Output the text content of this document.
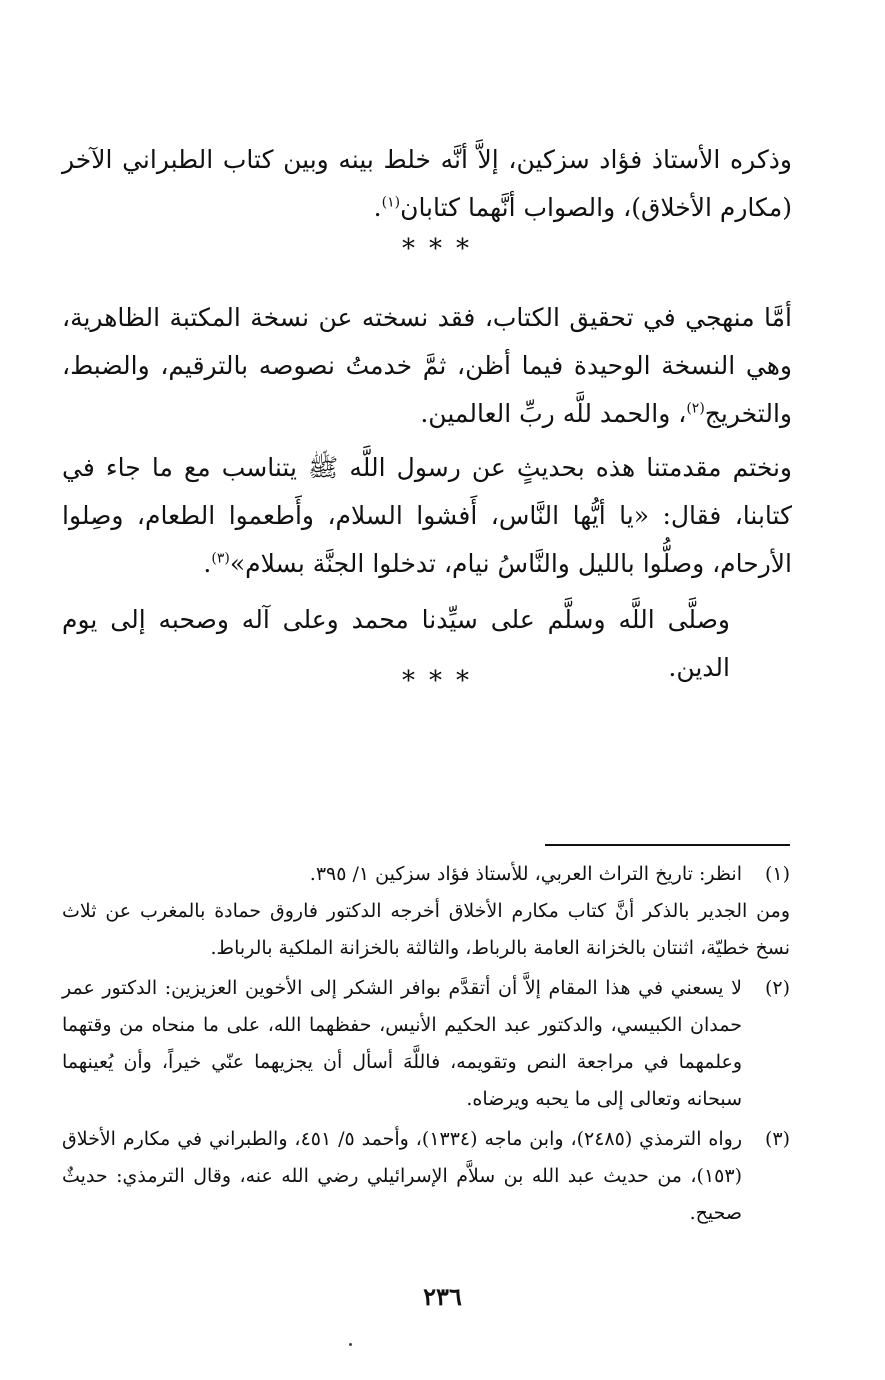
وذكره الأستاذ فؤاد سزكين، إلاَّ أنَّه خلط بينه وبين كتاب الطبراني الآخر (مكارم الأخلاق)، والصواب أنَّهما كتابان$^{(١)}$.

***

أمَّا منهجي في تحقيق الكتاب، فقد نسخته عن نسخة المكتبة الظاهرية، وهي النسخة الوحيدة فيما أظن، ثمَّ خدمتُ نصوصه بالترقيم، والضبط، والتخريج$^{(٢)}$، والحمد للَّه ربِّ العالمين.

ونختم مقدمتنا هذه بحديثٍ عن رسول اللَّه ﷺ يتناسب مع ما جاء في كتابنا، فقال: «يا أيُّها النَّاس، أَفشوا السلام، وأَطعموا الطعام، وصِلوا الأرحام، وصلُّوا بالليل والنَّاسُ نيام، تدخلوا الجنَّة بسلام»$^{(٣)}$.

وصلَّى اللَّه وسلَّم على سيِّدنا محمد وعلى آله وصحبه إلى يوم الدين.

***
(١)

انظر: تاريخ التراث العربي، للأستاذ فؤاد سزكين ١/ ٣٩٥.

ومن الجدير بالذكر أنَّ كتاب مكارم الأخلاق أخرجه الدكتور فاروق حمادة بالمغرب عن ثلاث نسخ خطيّة، اثنتان بالخزانة العامة بالرباط، والثالثة بالخزانة الملكية بالرباط.

(٢)

لا يسعني في هذا المقام إلاَّ أن أتقدَّم بوافر الشكر إلى الأخوين العزيزين: الدكتور عمر حمدان الكبيسي، والدكتور عبد الحكيم الأنيس، حفظهما الله، على ما منحاه من وقتهما وعلمهما في مراجعة النص وتقويمه، فاللَّهَ أسأل أن يجزيهما عنّي خيراً، وأن يُعينهما سبحانه وتعالى إلى ما يحبه ويرضاه.

(٣)

رواه الترمذي (٢٤٨٥)، وابن ماجه (١٣٣٤)، وأحمد ٥/ ٤٥١، والطبراني في مكارم الأخلاق (١٥٣)، من حديث عبد الله بن سلاَّم الإسرائيلي رضي الله عنه، وقال الترمذي: حديثٌ صحيح.

٢٣٦
